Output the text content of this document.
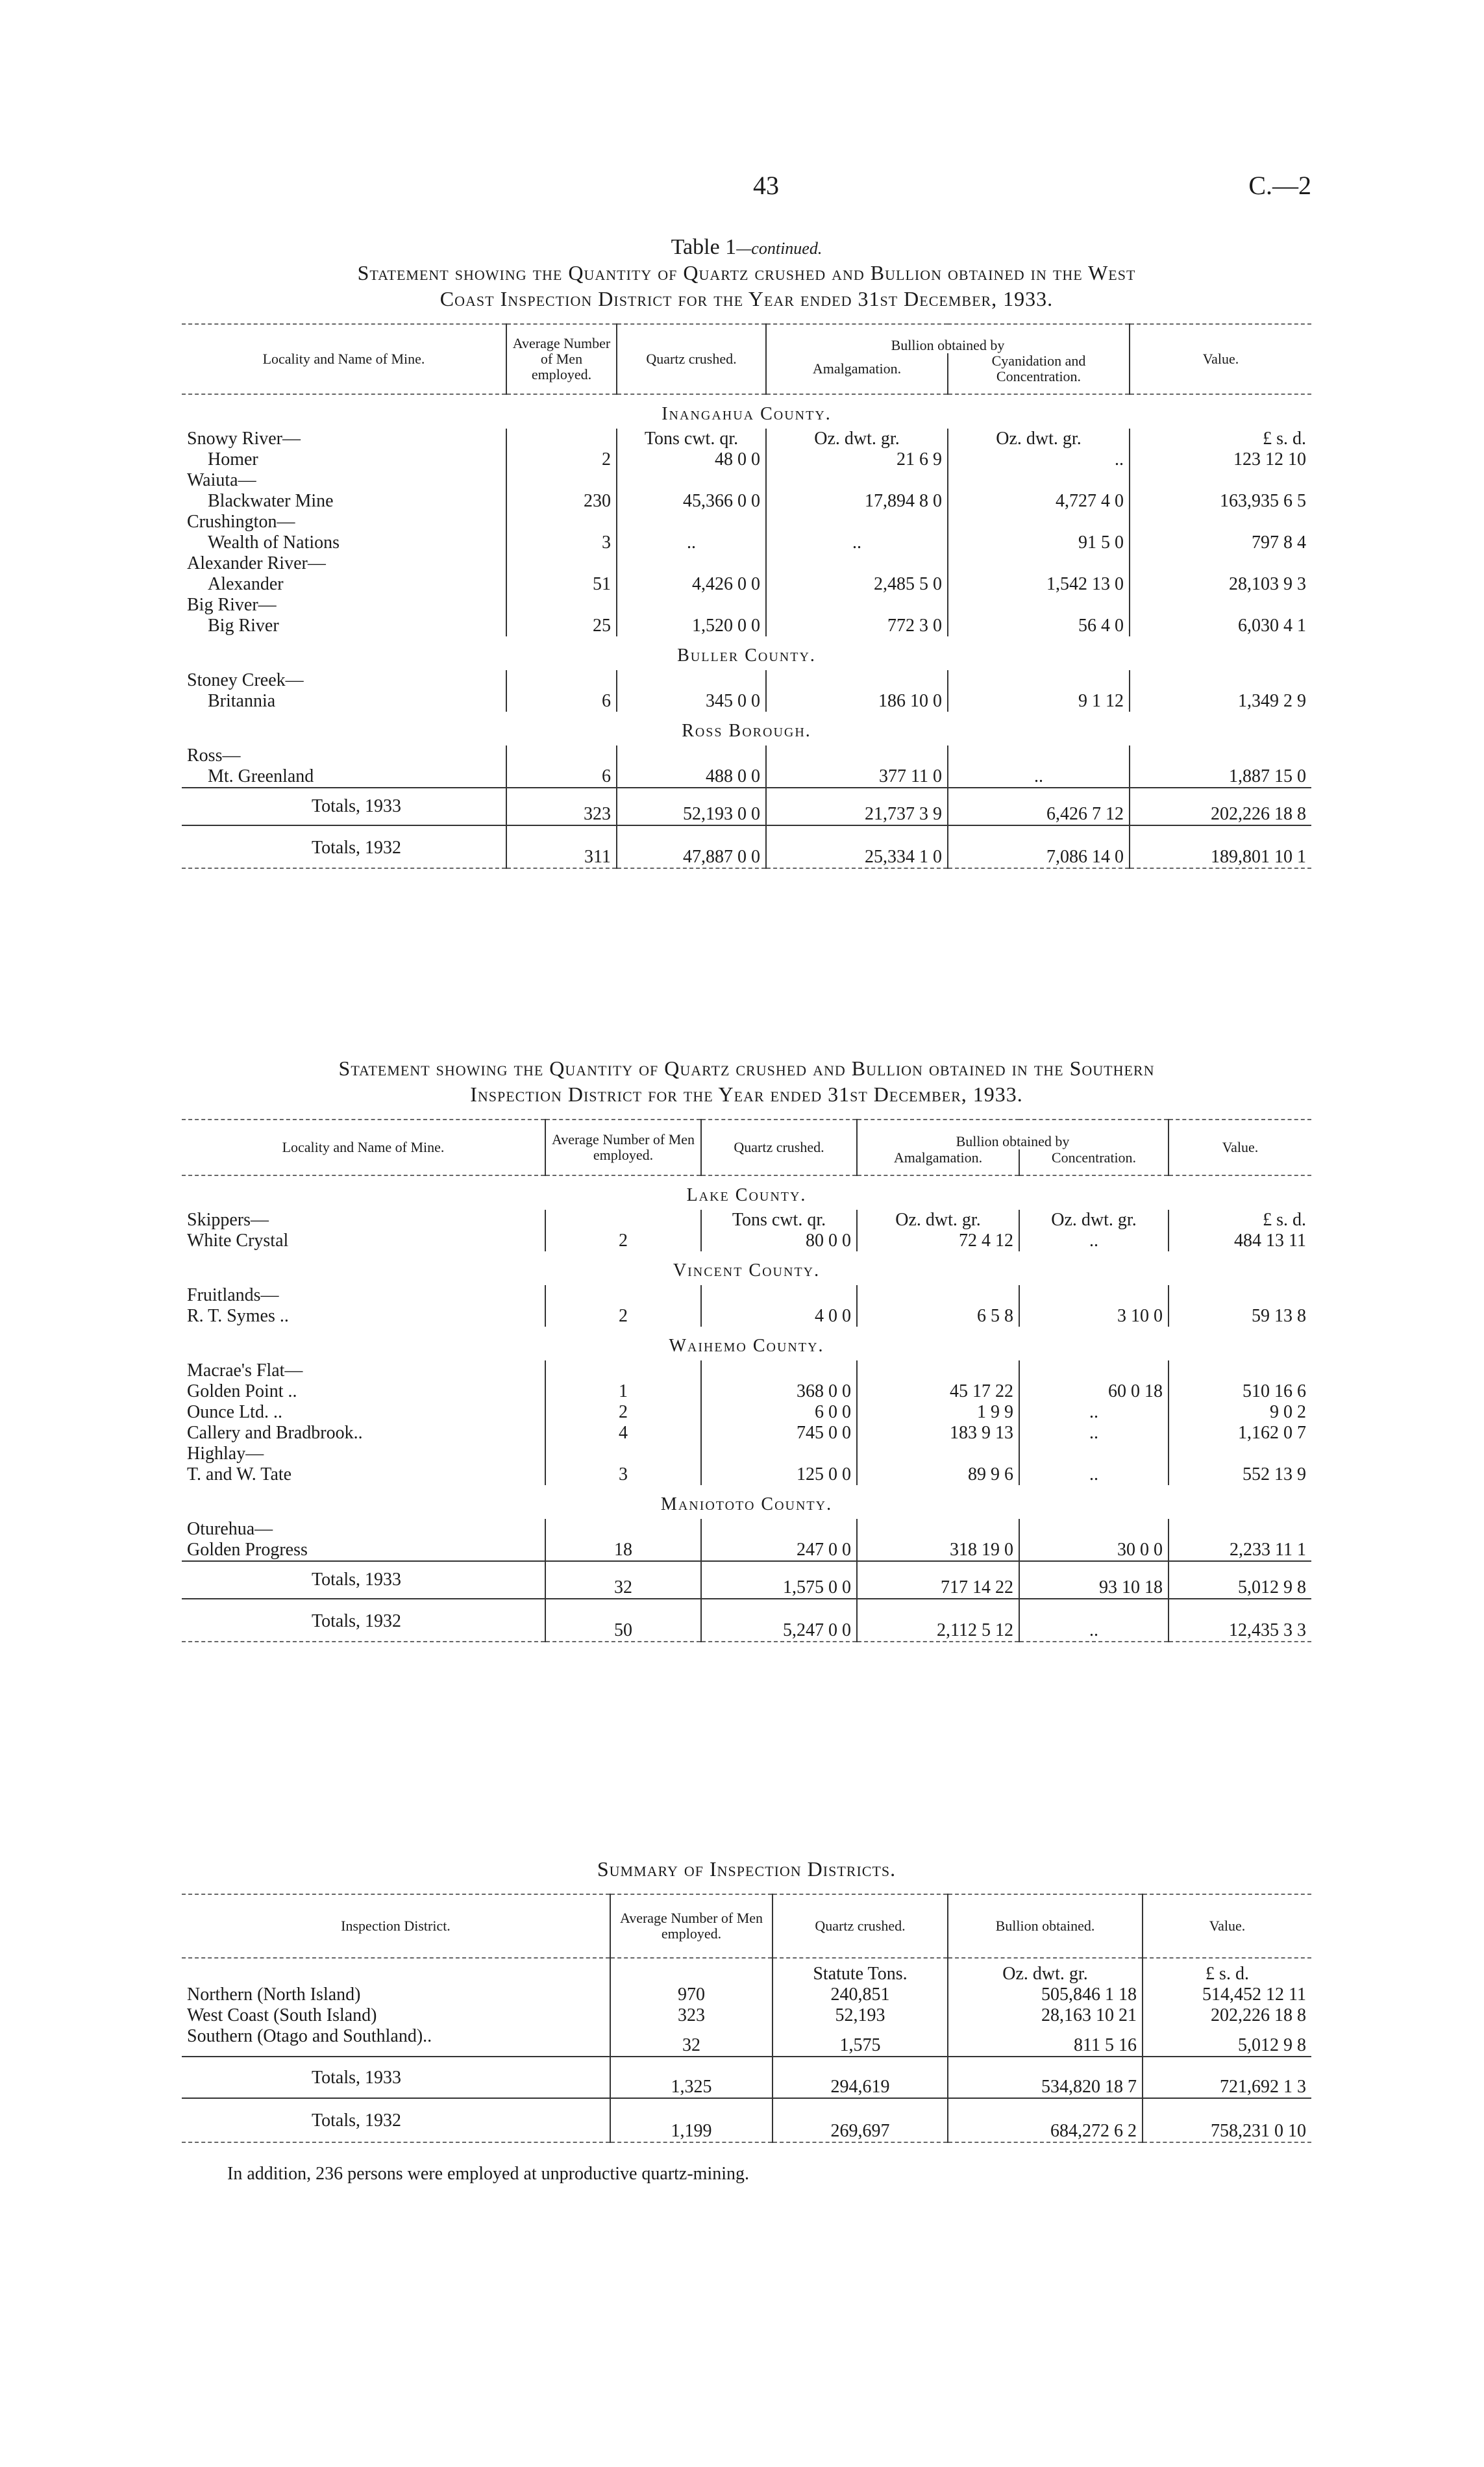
43	C.—2
Table 1—continued.
Statement showing the Quantity of Quartz crushed and Bullion obtained in the West
Coast Inspection District for the Year ended 31st December, 1933.
Locality and Name of Mine.	Average Number of Men employed.	Quartz crushed.	Bullion obtained by		Value.
			Amalgamation.	Cyanidation and Concentration.	
Inangahua County.					
Snowy River—		Tons cwt. qr.	Oz. dwt. gr.	Oz. dwt. gr.	£ s. d.
Homer	2	48 0 0	21 6 9	..	123 12 10
Waiuta—					
Blackwater Mine	230	45,366 0 0	17,894 8 0	4,727 4 0	163,935 6 5
Crushington—					
Wealth of Nations	3	..	..	91 5 0	797 8 4
Alexander River—					
Alexander	51	4,426 0 0	2,485 5 0	1,542 13 0	28,103 9 3
Big River—					
Big River	25	1,520 0 0	772 3 0	56 4 0	6,030 4 1
Buller County.					
Stoney Creek—					
Britannia	6	345 0 0	186 10 0	9 1 12	1,349 2 9
Ross Borough.					
Ross—					
Mt. Greenland	6	488 0 0	377 11 0	..	1,887 15 0
Totals, 1933	323	52,193 0 0	21,737 3 9	6,426 7 12	202,226 18 8
Totals, 1932	311	47,887 0 0	25,334 1 0	7,086 14 0	189,801 10 1
Statement showing the Quantity of Quartz crushed and Bullion obtained in the Southern
Inspection District for the Year ended 31st December, 1933.
Locality and Name of Mine.	Average Number of Men employed.	Quartz crushed.	Bullion obtained by		Value.
			Amalgamation.	Concentration.	
Lake County.					
Skippers—		Tons cwt. qr.	Oz. dwt. gr.	Oz. dwt. gr.	£ s. d.
White Crystal	2	80 0 0	72 4 12	..	484 13 11
Vincent County.					
Fruitlands—					
R. T. Symes ..	2	4 0 0	6 5 8	3 10 0	59 13 8
Waihemo County.					
Macrae's Flat—					
Golden Point ..	1	368 0 0	45 17 22	60 0 18	510 16 6
Ounce Ltd. ..	2	6 0 0	1 9 9	..	9 0 2
Callery and Bradbrook..	4	745 0 0	183 9 13	..	1,162 0 7
Highlay—					
T. and W. Tate	3	125 0 0	89 9 6	..	552 13 9
Maniototo County.					
Oturehua—					
Golden Progress	18	247 0 0	318 19 0	30 0 0	2,233 11 1
Totals, 1933	32	1,575 0 0	717 14 22	93 10 18	5,012 9 8
Totals, 1932	50	5,247 0 0	2,112 5 12	..	12,435 3 3
Summary of Inspection Districts.
Inspection District.	Average Number of Men employed.	Quartz crushed.	Bullion obtained.	Value.
		Statute Tons.	Oz. dwt. gr.	£ s. d.
Northern (North Island)	970	240,851	505,846 1 18	514,452 12 11
West Coast (South Island)	323	52,193	28,163 10 21	202,226 18 8
Southern (Otago and Southland)..	32	1,575	811 5 16	5,012 9 8
Totals, 1933	1,325	294,619	534,820 18 7	721,692 1 3
Totals, 1932	1,199	269,697	684,272 6 2	758,231 0 10
In addition, 236 persons were employed at unproductive quartz-mining.
